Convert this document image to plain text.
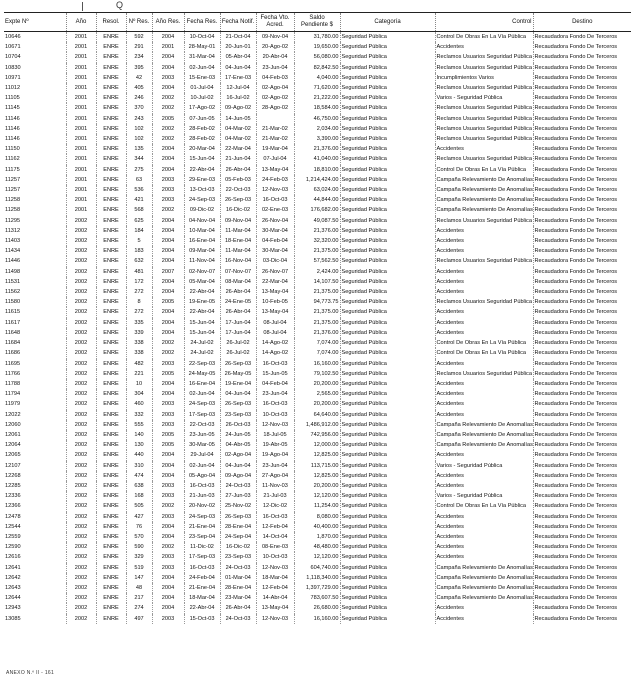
Q
Expte Nº	Año	Resol.	Nº Res.	Año Res.	Fecha Res.	Fecha Notif.	Fecha Vto. Acred.	Saldo Pendiente $	Categoría	Control	Destino
10646	2001	ENRE	592	2004	10-Oct-04	21-Oct-04	09-Nov-04	31,780.00	Seguridad Pública	Control De Obras En La Vía Pública	Recaudadora Fondo De Terceros
10671	2001	ENRE	291	2001	28-May-01	20-Jun-01	20-Ago-02	19,650.00	Seguridad Pública	Accidentes	Recaudadora Fondo De Terceros
10704	2001	ENRE	234	2004	31-Mar-04	05-Abr-04	20-Abr-04	56,080.00	Seguridad Pública	Reclamos Usuarios Seguridad Pública	Recaudadora Fondo De Terceros
10830	2001	ENRE	395	2004	02-Jun-04	04-Jun-04	23-Jun-04	82,842.50	Seguridad Pública	Reclamos Usuarios Seguridad Pública	Recaudadora Fondo De Terceros
10971	2001	ENRE	42	2003	15-Ene-03	17-Ene-03	04-Feb-03	4,040.00	Seguridad Pública	Incumplimientos Varios	Recaudadora Fondo De Terceros
11012	2001	ENRE	405	2004	01-Jul-04	12-Jul-04	02-Ago-04	71,620.00	Seguridad Pública	Reclamos Usuarios Seguridad Pública	Recaudadora Fondo De Terceros
11105	2001	ENRE	246	2002	10-Jul-02	16-Jul-02	02-Ago-02	21,222.00	Seguridad Pública	Varios - Seguridad Pública	Recaudadora Fondo De Terceros
11145	2001	ENRE	370	2002	17-Ago-02	09-Ago-02	28-Ago-02	18,584.00	Seguridad Pública	Reclamos Usuarios Seguridad Pública	Recaudadora Fondo De Terceros
11146	2001	ENRE	243	2005	07-Jun-05	14-Jun-05		46,750.00	Seguridad Pública	Reclamos Usuarios Seguridad Pública	Recaudadora Fondo De Terceros
11146	2001	ENRE	102	2002	28-Feb-02	04-Mar-02	21-Mar-02	2,034.00	Seguridad Pública	Reclamos Usuarios Seguridad Pública	Recaudadora Fondo De Terceros
11146	2001	ENRE	102	2002	28-Feb-02	04-Mar-02	21-Mar-02	3,390.00	Seguridad Pública	Reclamos Usuarios Seguridad Pública	Recaudadora Fondo De Terceros
11150	2001	ENRE	135	2004	20-Mar-04	22-Mar-04	19-Mar-04	21,376.00	Seguridad Pública	Accidentes	Recaudadora Fondo De Terceros
11162	2001	ENRE	344	2004	15-Jun-04	21-Jun-04	07-Jul-04	41,040.00	Seguridad Pública	Reclamos Usuarios Seguridad Pública	Recaudadora Fondo De Terceros
11175	2001	ENRE	275	2004	22-Abr-04	26-Abr-04	13-May-04	18,810.00	Seguridad Pública	Control De Obras En La Vía Pública	Recaudadora Fondo De Terceros
11257	2001	ENRE	63	2003	29-Ene-03	05-Feb-03	24-Feb-03	1,214,424.00	Seguridad Pública	Campaña Relevamiento De Anomalías	Recaudadora Fondo De Terceros
11257	2001	ENRE	536	2003	13-Oct-03	22-Oct-03	12-Nov-03	63,024.00	Seguridad Pública	Campaña Relevamiento De Anomalías	Recaudadora Fondo De Terceros
11258	2001	ENRE	421	2003	24-Sep-03	26-Sep-03	16-Oct-03	44,844.00	Seguridad Pública	Campaña Relevamiento De Anomalías	Recaudadora Fondo De Terceros
11258	2001	ENRE	568	2002	09-Dic-02	16-Dic-02	02-Ene-03	176,682.00	Seguridad Pública	Campaña Relevamiento De Anomalías	Recaudadora Fondo De Terceros
11295	2002	ENRE	625	2004	04-Nov-04	09-Nov-04	26-Nov-04	49,087.50	Seguridad Pública	Reclamos Usuarios Seguridad Pública	Recaudadora Fondo De Terceros
11312	2002	ENRE	184	2004	10-Mar-04	11-Mar-04	30-Mar-04	21,376.00	Seguridad Pública	Accidentes	Recaudadora Fondo De Terceros
11403	2002	ENRE	5	2004	16-Ene-04	18-Ene-04	04-Feb-04	32,320.00	Seguridad Pública	Accidentes	Recaudadora Fondo De Terceros
11434	2002	ENRE	183	2004	09-Mar-04	11-Mar-04	30-Mar-04	21,375.00	Seguridad Pública	Accidentes	Recaudadora Fondo De Terceros
11446	2002	ENRE	632	2004	11-Nov-04	16-Nov-04	03-Dic-04	57,562.50	Seguridad Pública	Reclamos Usuarios Seguridad Pública	Recaudadora Fondo De Terceros
11498	2002	ENRE	481	2007	02-Nov-07	07-Nov-07	26-Nov-07	2,424.00	Seguridad Pública	Accidentes	Recaudadora Fondo De Terceros
11531	2002	ENRE	172	2004	05-Mar-04	08-Mar-04	22-Mar-04	14,107.50	Seguridad Pública	Accidentes	Recaudadora Fondo De Terceros
11562	2002	ENRE	272	2004	22-Abr-04	26-Abr-04	13-May-04	21,375.00	Seguridad Pública	Accidentes	Recaudadora Fondo De Terceros
11580	2002	ENRE	8	2005	19-Ene-05	24-Ene-05	10-Feb-05	94,773.75	Seguridad Pública	Reclamos Usuarios Seguridad Pública	Recaudadora Fondo De Terceros
11615	2002	ENRE	272	2004	22-Abr-04	26-Abr-04	13-May-04	21,375.00	Seguridad Pública	Accidentes	Recaudadora Fondo De Terceros
11617	2002	ENRE	335	2004	15-Jun-04	17-Jun-04	08-Jul-04	21,375.00	Seguridad Pública	Accidentes	Recaudadora Fondo De Terceros
11648	2002	ENRE	339	2004	15-Jun-04	17-Jun-04	08-Jul-04	21,376.00	Seguridad Pública	Accidentes	Recaudadora Fondo De Terceros
11684	2002	ENRE	338	2002	24-Jul-02	26-Jul-02	14-Ago-02	7,074.00	Seguridad Pública	Control De Obras En La Vía Pública	Recaudadora Fondo De Terceros
11686	2002	ENRE	338	2002	24-Jul-02	26-Jul-02	14-Ago-02	7,074.00	Seguridad Pública	Control De Obras En La Vía Pública	Recaudadora Fondo De Terceros
11695	2002	ENRE	482	2003	22-Sep-03	26-Sep-03	16-Oct-03	16,160.00	Seguridad Pública	Accidentes	Recaudadora Fondo De Terceros
11766	2002	ENRE	221	2005	24-May-05	26-May-05	15-Jun-05	79,102.50	Seguridad Pública	Reclamos Usuarios Seguridad Pública	Recaudadora Fondo De Terceros
11788	2002	ENRE	10	2004	16-Ene-04	19-Ene-04	04-Feb-04	20,200.00	Seguridad Pública	Accidentes	Recaudadora Fondo De Terceros
11794	2002	ENRE	304	2004	02-Jun-04	04-Jun-04	23-Jun-04	2,565.00	Seguridad Pública	Accidentes	Recaudadora Fondo De Terceros
11979	2002	ENRE	460	2003	24-Sep-03	26-Sep-03	16-Oct-03	20,200.00	Seguridad Pública	Accidentes	Recaudadora Fondo De Terceros
12022	2002	ENRE	332	2003	17-Sep-03	23-Sep-03	10-Oct-03	64,640.00	Seguridad Pública	Accidentes	Recaudadora Fondo De Terceros
12060	2002	ENRE	555	2003	22-Oct-03	26-Oct-03	12-Nov-03	1,486,912.00	Seguridad Pública	Campaña Relevamiento De Anomalías	Recaudadora Fondo De Terceros
12061	2002	ENRE	140	2005	23-Jun-05	24-Jun-05	18-Jul-05	742,956.00	Seguridad Pública	Campaña Relevamiento De Anomalías	Recaudadora Fondo De Terceros
12064	2002	ENRE	130	2005	30-Mar-05	04-Abr-05	19-Abr-05	12,000.00	Seguridad Pública	Campaña Relevamiento De Anomalías	Recaudadora Fondo De Terceros
12065	2002	ENRE	440	2004	29-Jul-04	02-Ago-04	19-Ago-04	12,825.00	Seguridad Pública	Accidentes	Recaudadora Fondo De Terceros
12107	2002	ENRE	310	2004	02-Jun-04	04-Jun-04	23-Jun-04	113,715.00	Seguridad Pública	Varios - Seguridad Pública	Recaudadora Fondo De Terceros
12268	2002	ENRE	474	2004	05-Ago-04	09-Ago-04	27-Ago-04	12,825.00	Seguridad Pública	Accidentes	Recaudadora Fondo De Terceros
12285	2002	ENRE	638	2003	16-Oct-03	24-Oct-03	11-Nov-03	20,200.00	Seguridad Pública	Accidentes	Recaudadora Fondo De Terceros
12336	2002	ENRE	168	2003	21-Jun-03	27-Jun-03	21-Jul-03	12,120.00	Seguridad Pública	Varios - Seguridad Pública	Recaudadora Fondo De Terceros
12366	2002	ENRE	505	2002	20-Nov-02	25-Nov-02	12-Dic-02	11,254.00	Seguridad Pública	Control De Obras En La Vía Pública	Recaudadora Fondo De Terceros
12478	2002	ENRE	427	2003	24-Sep-03	26-Sep-03	16-Oct-03	8,080.00	Seguridad Pública	Accidentes	Recaudadora Fondo De Terceros
12544	2002	ENRE	76	2004	21-Ene-04	28-Ene-04	12-Feb-04	40,400.00	Seguridad Pública	Accidentes	Recaudadora Fondo De Terceros
12559	2002	ENRE	570	2004	23-Sep-04	24-Sep-04	14-Oct-04	1,870.00	Seguridad Pública	Accidentes	Recaudadora Fondo De Terceros
12590	2002	ENRE	590	2002	11-Dic-02	16-Dic-02	08-Ene-03	48,480.00	Seguridad Pública	Accidentes	Recaudadora Fondo De Terceros
12616	2002	ENRE	329	2003	17-Sep-03	23-Sep-03	10-Oct-03	12,120.00	Seguridad Pública	Accidentes	Recaudadora Fondo De Terceros
12641	2002	ENRE	519	2003	16-Oct-03	24-Oct-03	12-Nov-03	604,740.00	Seguridad Pública	Campaña Relevamiento De Anomalías	Recaudadora Fondo De Terceros
12642	2002	ENRE	147	2004	24-Feb-04	01-Mar-04	18-Mar-04	1,118,340.00	Seguridad Pública	Campaña Relevamiento De Anomalías	Recaudadora Fondo De Terceros
12643	2002	ENRE	48	2004	21-Ene-04	28-Ene-04	12-Feb-04	1,397,729.00	Seguridad Pública	Campaña Relevamiento De Anomalías	Recaudadora Fondo De Terceros
12644	2002	ENRE	217	2004	18-Mar-04	23-Mar-04	14-Abr-04	783,607.50	Seguridad Pública	Campaña Relevamiento De Anomalías	Recaudadora Fondo De Terceros
12943	2002	ENRE	274	2004	22-Abr-04	26-Abr-04	13-May-04	26,680.00	Seguridad Pública	Accidentes	Recaudadora Fondo De Terceros
13085	2002	ENRE	497	2003	15-Oct-03	24-Oct-03	12-Nov-03	16,160.00	Seguridad Pública	Accidentes	Recaudadora Fondo De Terceros
ANEXO N.º II - 161
